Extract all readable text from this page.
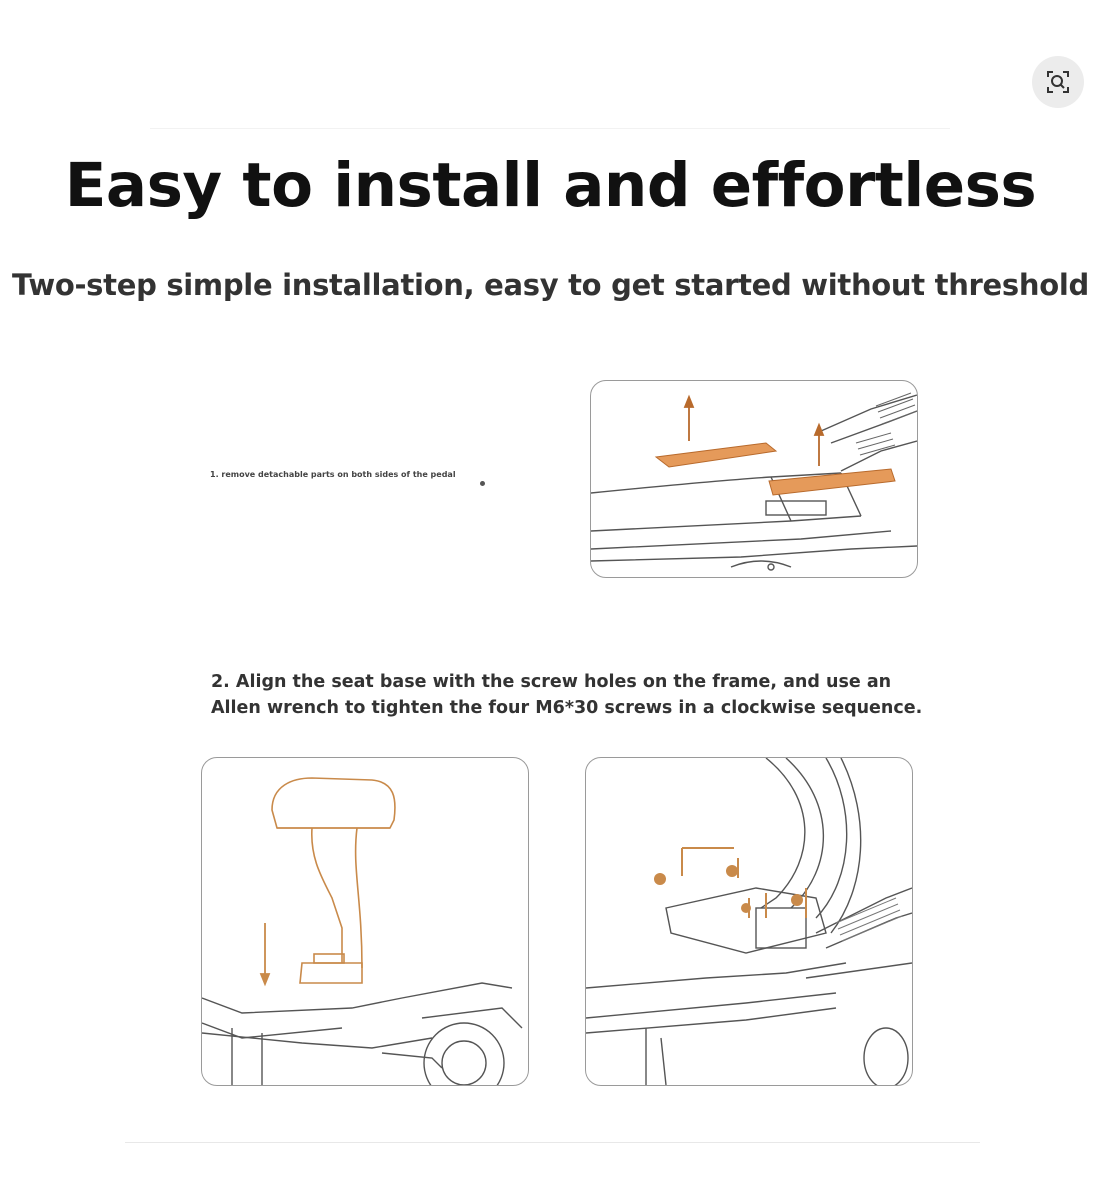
Easy to install and effortless
Two-step simple installation, easy to get started without threshold
1. remove detachable parts on both sides of the pedal
2. Align the seat base with the screw holes on the frame, and use an Allen wrench to tighten the four M6*30 screws in a clockwise sequence.
